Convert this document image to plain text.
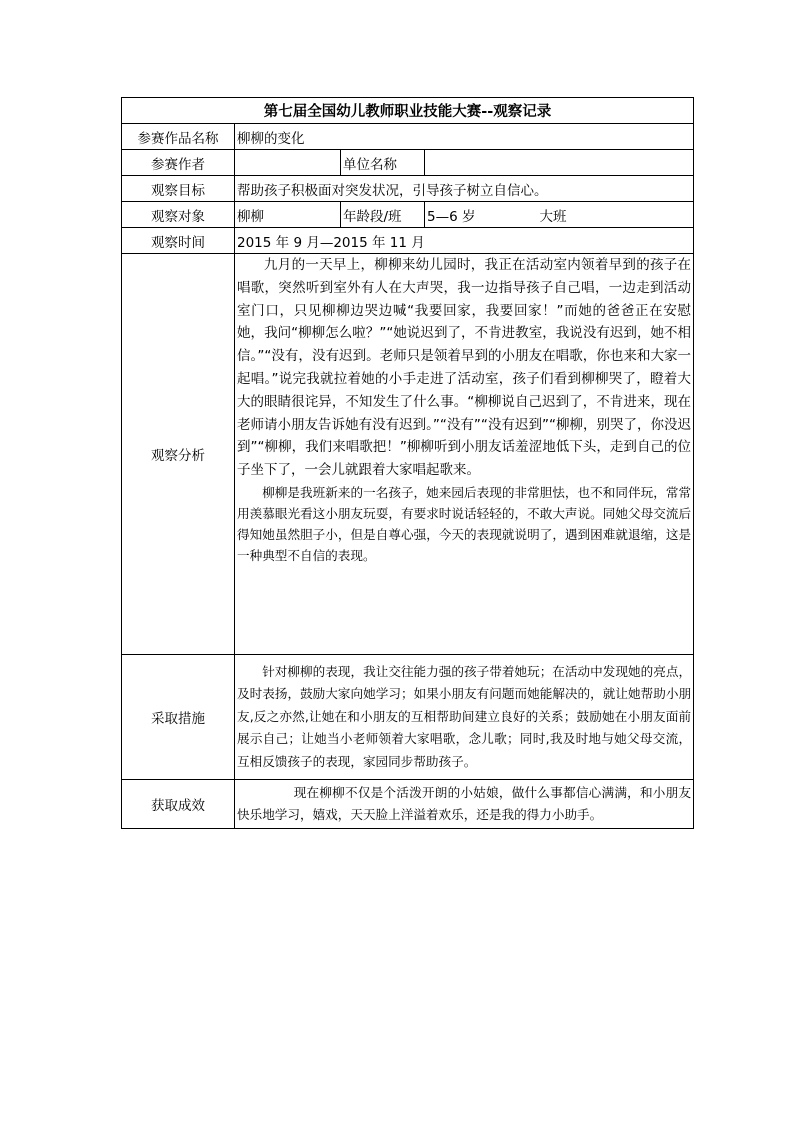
第七届全国幼儿教师职业技能大赛--观察记录			
参赛作品名称	柳柳的变化		
参赛作者		单位名称	
观察目标	帮助孩子积极面对突发状况，引导孩子树立自信心。		
观察对象	柳柳	年龄段/班	5—6 岁 大班
观察时间	2015 年 9 月—2015 年 11 月		
观察分析	九月的一天早上，柳柳来幼儿园时，我正在活动室内领着早到的孩子在唱歌，突然听到室外有人在大声哭，我一边指导孩子自己唱，一边走到活动室门口，只见柳柳边哭边喊“我要回家，我要回家！”而她的爸爸正在安慰她，我问“柳柳怎么啦？”“她说迟到了，不肯进教室，我说没有迟到，她不相信。”“没有，没有迟到。老师只是领着早到的小朋友在唱歌，你也来和大家一起唱。”说完我就拉着她的小手走进了活动室，孩子们看到柳柳哭了，瞪着大大的眼睛很诧异，不知发生了什么事。“柳柳说自己迟到了，不肯进来，现在老师请小朋友告诉她有没有迟到。”“没有”“没有迟到”“柳柳，别哭了，你没迟到”“柳柳，我们来唱歌把！”柳柳听到小朋友话羞涩地低下头，走到自己的位子坐下了，一会儿就跟着大家唱起歌来。

柳柳是我班新来的一名孩子，她来园后表现的非常胆怯，也不和同伴玩，常常用羡慕眼光看这小朋友玩耍，有要求时说话轻轻的，不敢大声说。同她父母交流后得知她虽然胆子小，但是自尊心强，今天的表现就说明了，遇到困难就退缩，这是一种典型不自信的表现。		

采取措施	针对柳柳的表现，我让交往能力强的孩子带着她玩；在活动中发现她的亮点，及时表扬，鼓励大家向她学习；如果小朋友有问题而她能解决的，就让她帮助小朋友,反之亦然,让她在和小朋友的互相帮助间建立良好的关系；鼓励她在小朋友面前展示自己；让她当小老师领着大家唱歌，念儿歌；同时,我及时地与她父母交流，互相反馈孩子的表现，家园同步帮助孩子。		

获取成效	现在柳柳不仅是个活泼开朗的小姑娘，做什么事都信心满满，和小朋友快乐地学习，嬉戏，天天脸上洋溢着欢乐，还是我的得力小助手。		
